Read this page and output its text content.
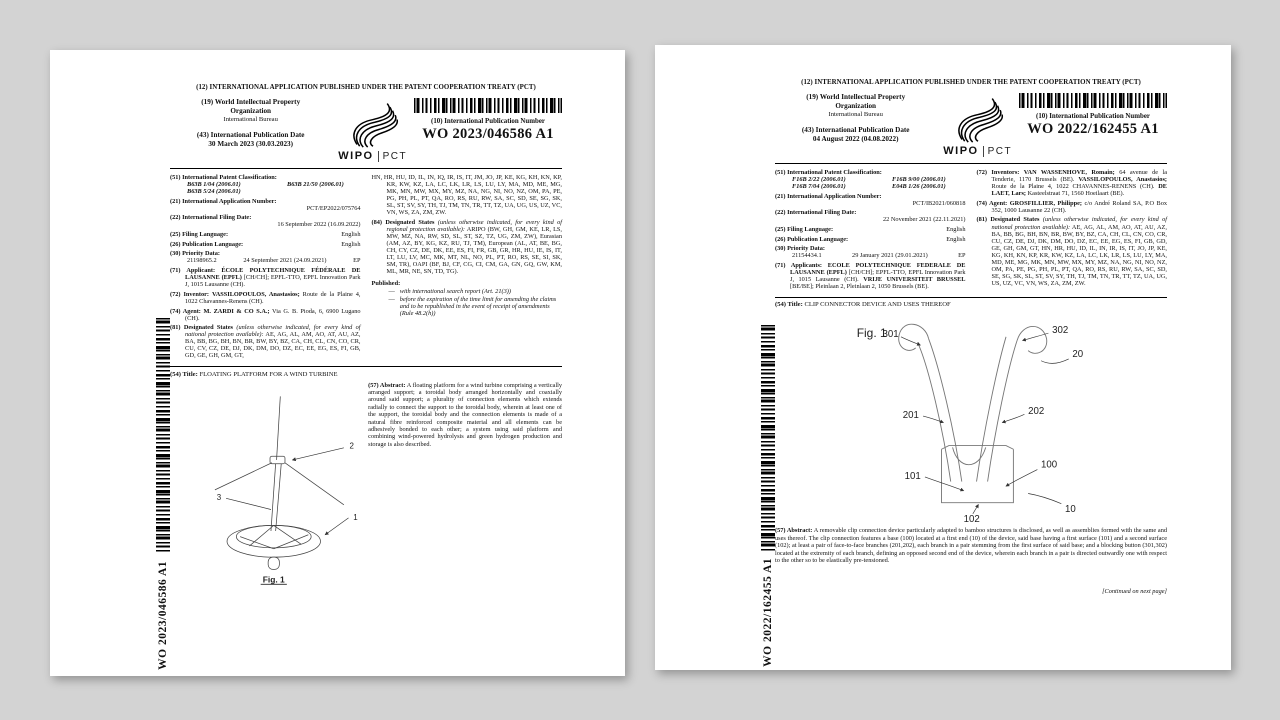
WO 2023/046586 A1
(12) INTERNATIONAL APPLICATION PUBLISHED UNDER THE PATENT COOPERATION TREATY (PCT)
(19) World Intellectual Property
Organization
International Bureau
(43) International Publication Date
30 March 2023 (30.03.2023)
WIPO PCT
(10) International Publication Number
WO 2023/046586 A1
(51) International Patent Classification:
B63B 1/04 (2006.01)	B63B 21/50 (2006.01)
B63B 5/24 (2006.01)
(21) International Application Number:
PCT/EP2022/075764
(22) International Filing Date:
16 September 2022 (16.09.2022)
(25) Filing Language:	English
(26) Publication Language:	English
(30) Priority Data:
21198965.2	24 September 2021 (24.09.2021)	EP
(71) Applicant: ÉCOLE POLYTECHNIQUE FÉDÉRALE DE LAUSANNE (EPFL) [CH/CH]; EPFL-TTO, EPFL Innovation Park J, 1015 Lausanne (CH).
(72) Inventor: VASSILOPOULOS, Anastasios; Route de la Plaine 4, 1022 Chavannes-Renens (CH).
(74) Agent: M. ZARDI & CO S.A.; Via G. B. Pioda, 6, 6900 Lugano (CH).
(81) Designated States (unless otherwise indicated, for every kind of national protection available): AE, AG, AL, AM, AO, AT, AU, AZ, BA, BB, BG, BH, BN, BR, BW, BY, BZ, CA, CH, CL, CN, CO, CR, CU, CV, CZ, DE, DJ, DK, DM, DO, DZ, EC, EE, EG, ES, FI, GB, GD, GE, GH, GM, GT,
HN, HR, HU, ID, IL, IN, IQ, IR, IS, IT, JM, JO, JP, KE, KG, KH, KN, KP, KR, KW, KZ, LA, LC, LK, LR, LS, LU, LY, MA, MD, ME, MG, MK, MN, MW, MX, MY, MZ, NA, NG, NI, NO, NZ, OM, PA, PE, PG, PH, PL, PT, QA, RO, RS, RU, RW, SA, SC, SD, SE, SG, SK, SL, ST, SV, SY, TH, TJ, TM, TN, TR, TT, TZ, UA, UG, US, UZ, VC, VN, WS, ZA, ZM, ZW.
(84) Designated States (unless otherwise indicated, for every kind of regional protection available): ARIPO (BW, GH, GM, KE, LR, LS, MW, MZ, NA, RW, SD, SL, ST, SZ, TZ, UG, ZM, ZW), Eurasian (AM, AZ, BY, KG, KZ, RU, TJ, TM), European (AL, AT, BE, BG, CH, CY, CZ, DE, DK, EE, ES, FI, FR, GB, GR, HR, HU, IE, IS, IT, LT, LU, LV, MC, MK, MT, NL, NO, PL, PT, RO, RS, SE, SI, SK, SM, TR), OAPI (BF, BJ, CF, CG, CI, CM, GA, GN, GQ, GW, KM, ML, MR, NE, SN, TD, TG).
Published:
— with international search report (Art. 21(3))
— before the expiration of the time limit for amending the claims and to be republished in the event of receipt of amendments (Rule 48.2(h))
(54) Title: FLOATING PLATFORM FOR A WIND TURBINE
2
3
1
Fig. 1
(57) Abstract: A floating platform for a wind turbine comprising a vertically arranged support; a toroidal body arranged horizontally and coaxially around said support; a plurality of connection elements which extends radially to connect the support to the toroidal body, wherein at least one of the support, the toroidal body and the connection elements is made of a natural fibre reinforced composite material and all elements can be adhesively bonded to each other; a system using said platform and combining wind-powered hydrolysis and green hydrogen production and storage is also described.
WO 2022/162455 A1
(12) INTERNATIONAL APPLICATION PUBLISHED UNDER THE PATENT COOPERATION TREATY (PCT)
(19) World Intellectual Property
Organization
International Bureau
(43) International Publication Date
04 August 2022 (04.08.2022)
WIPO PCT
(10) International Publication Number
WO 2022/162455 A1
(51) International Patent Classification:
F16B 2/22 (2006.01)	F16B 9/00 (2006.01)
F16B 7/04 (2006.01)	E04B 1/26 (2006.01)
(21) International Application Number:
PCT/IB2021/060818
(22) International Filing Date:
22 November 2021 (22.11.2021)
(25) Filing Language:	English
(26) Publication Language:	English
(30) Priority Data:
21154434.1	29 January 2021 (29.01.2021)	EP
(71) Applicants: ECOLE POLYTECHNIQUE FEDERALE DE LAUSANNE (EPFL) [CH/CH]; EPFL-TTO, EPFL Innovation Park J, 1015 Lausanne (CH). VRIJE UNIVERSITEIT BRUSSEL [BE/BE]; Pleinlaan 2, Pleinlaan 2, 1050 Brussels (BE).
(72) Inventors: VAN WASSENHOVE, Romain; 64 avenue de la Tenderie, 1170 Brussels (BE). VASSILOPOULOS, Anastasios; Route de la Plaine 4, 1022 CHAVANNES-RENENS (CH). DE LAET, Lars; Kasteelstraat 71, 1560 Hoeilaart (BE).
(74) Agent: GROSFILLIER, Philippe; c/o André Roland SA, P.O Box 352, 1000 Lausanne 22 (CH).
(81) Designated States (unless otherwise indicated, for every kind of national protection available): AE, AG, AL, AM, AO, AT, AU, AZ, BA, BB, BG, BH, BN, BR, BW, BY, BZ, CA, CH, CL, CN, CO, CR, CU, CZ, DE, DJ, DK, DM, DO, DZ, EC, EE, EG, ES, FI, GB, GD, GE, GH, GM, GT, HN, HR, HU, ID, IL, IN, IR, IS, IT, JO, JP, KE, KG, KH, KN, KP, KR, KW, KZ, LA, LC, LK, LR, LS, LU, LY, MA, MD, ME, MG, MK, MN, MW, MX, MY, MZ, NA, NG, NI, NO, NZ, OM, PA, PE, PG, PH, PL, PT, QA, RO, RS, RU, RW, SA, SC, SD, SE, SG, SK, SL, ST, SV, SY, TH, TJ, TM, TN, TR, TT, TZ, UA, UG, US, UZ, VC, VN, WS, ZA, ZM, ZW.
(54) Title: CLIP CONNECTOR DEVICE AND USES THEREOF
Fig. 1
301	302
20
201	202
101
100
10
102
(57) Abstract: A removable clip connection device particularly adapted to bamboo structures is disclosed, as well as assemblies formed with the same and uses thereof. The clip connection features a base (100) located at a first end (10) of the device, said base having a first surface (101) and a second surface (102); at least a pair of face-to-face branches (201,202), each branch in a pair stemming from the first surface of said base; and a blocking button (301,302) located at the extremity of each branch, defining an opposed second end of the device, wherein each branch in a pair is directed outwardly one with respect to the other so to be elastically pre-tensioned.
[Continued on next page]
